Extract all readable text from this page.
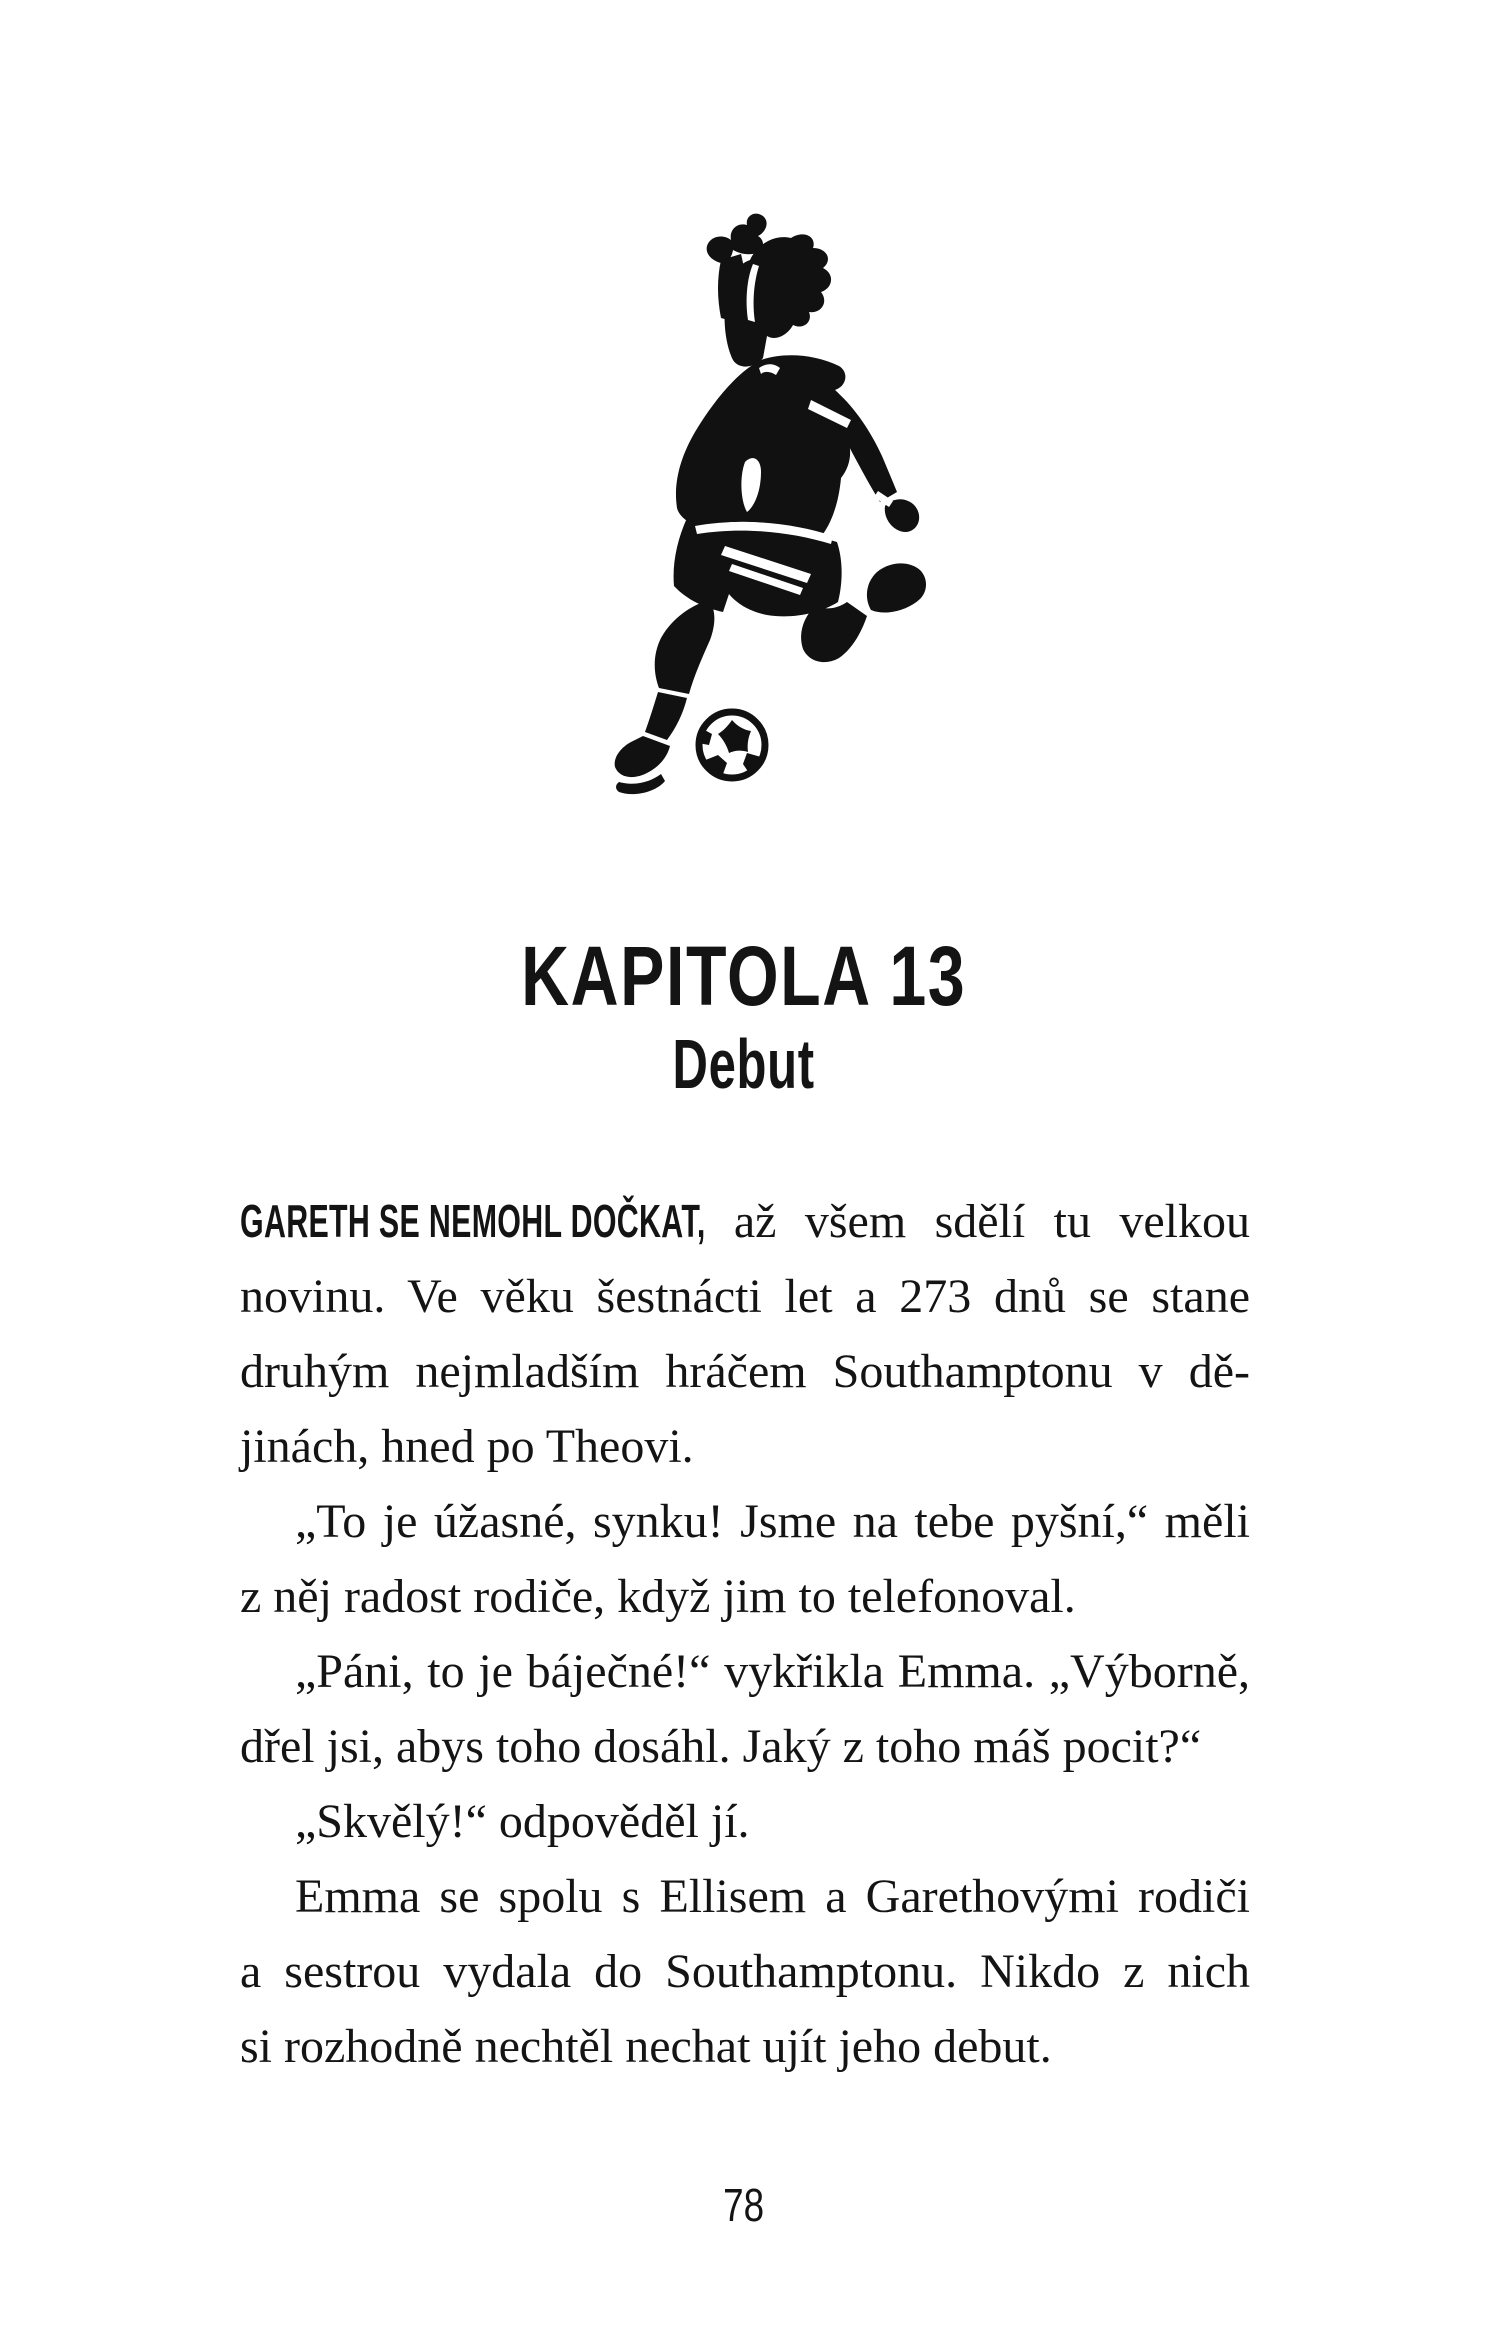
KAPITOLA 13
Debut
GARETH SE NEMOHL DOČKAT, až všem sdělí tu velkou
novinu. Ve věku šestnácti let a 273 dnů se stane
druhým nejmladším hráčem Southamptonu v dě-
jinách, hned po Theovi.
„To je úžasné, synku! Jsme na tebe pyšní,“ měli
z něj radost rodiče, když jim to telefonoval.
„Páni, to je báječné!“ vykřikla Emma. „Výborně,
dřel jsi, abys toho dosáhl. Jaký z toho máš pocit?“
„Skvělý!“ odpověděl jí.
Emma se spolu s Ellisem a Garethovými rodiči
a sestrou vydala do Southamptonu. Nikdo z nich
si rozhodně nechtěl nechat ujít jeho debut.
78
